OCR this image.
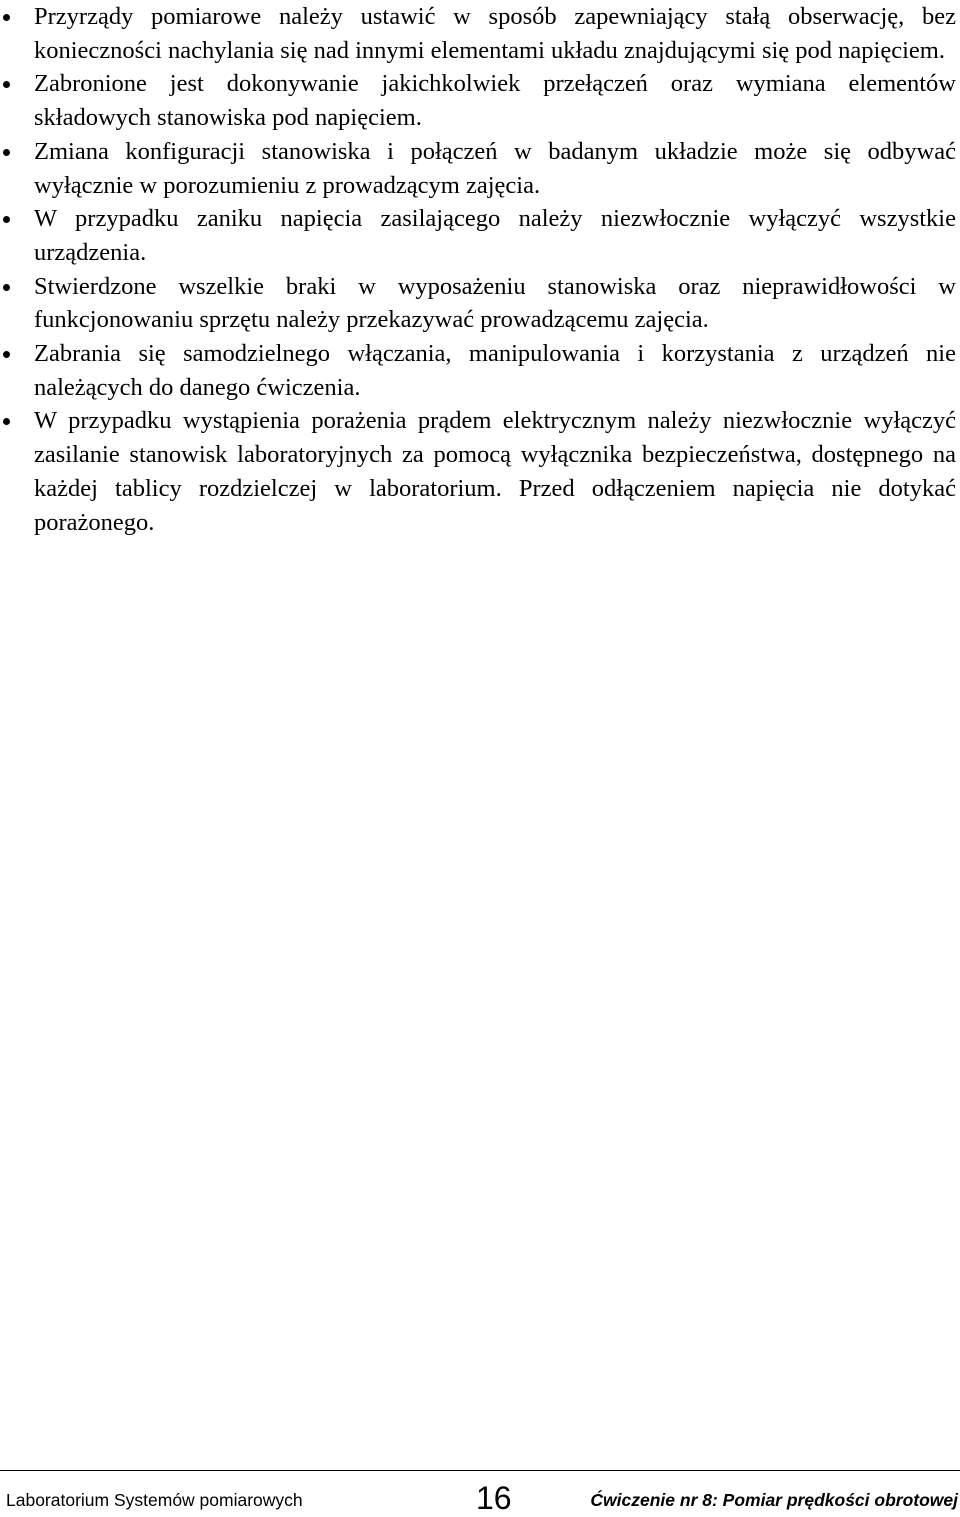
Przyrządy pomiarowe należy ustawić w sposób zapewniający stałą obserwację, bez konieczności nachylania się nad innymi elementami układu znajdującymi się pod napięciem.
Zabronione jest dokonywanie jakichkolwiek przełączeń oraz wymiana elementów składowych stanowiska pod napięciem.
Zmiana konfiguracji stanowiska i połączeń w badanym układzie może się odbywać wyłącznie w porozumieniu z prowadzącym zajęcia.
W przypadku zaniku napięcia zasilającego należy niezwłocznie wyłączyć wszystkie urządzenia.
Stwierdzone wszelkie braki w wyposażeniu stanowiska oraz nieprawidłowości w funkcjonowaniu sprzętu należy przekazywać prowadzącemu zajęcia.
Zabrania się samodzielnego włączania, manipulowania i korzystania z urządzeń nie należących do danego ćwiczenia.
W przypadku wystąpienia porażenia prądem elektrycznym należy niezwłocznie wyłączyć zasilanie stanowisk laboratoryjnych za pomocą wyłącznika bezpieczeństwa, dostępnego na każdej tablicy rozdzielczej w laboratorium. Przed odłączeniem napięcia nie dotykać porażonego.
Laboratorium Systemów pomiarowych	16	Ćwiczenie nr 8: Pomiar prędkości obrotowej
